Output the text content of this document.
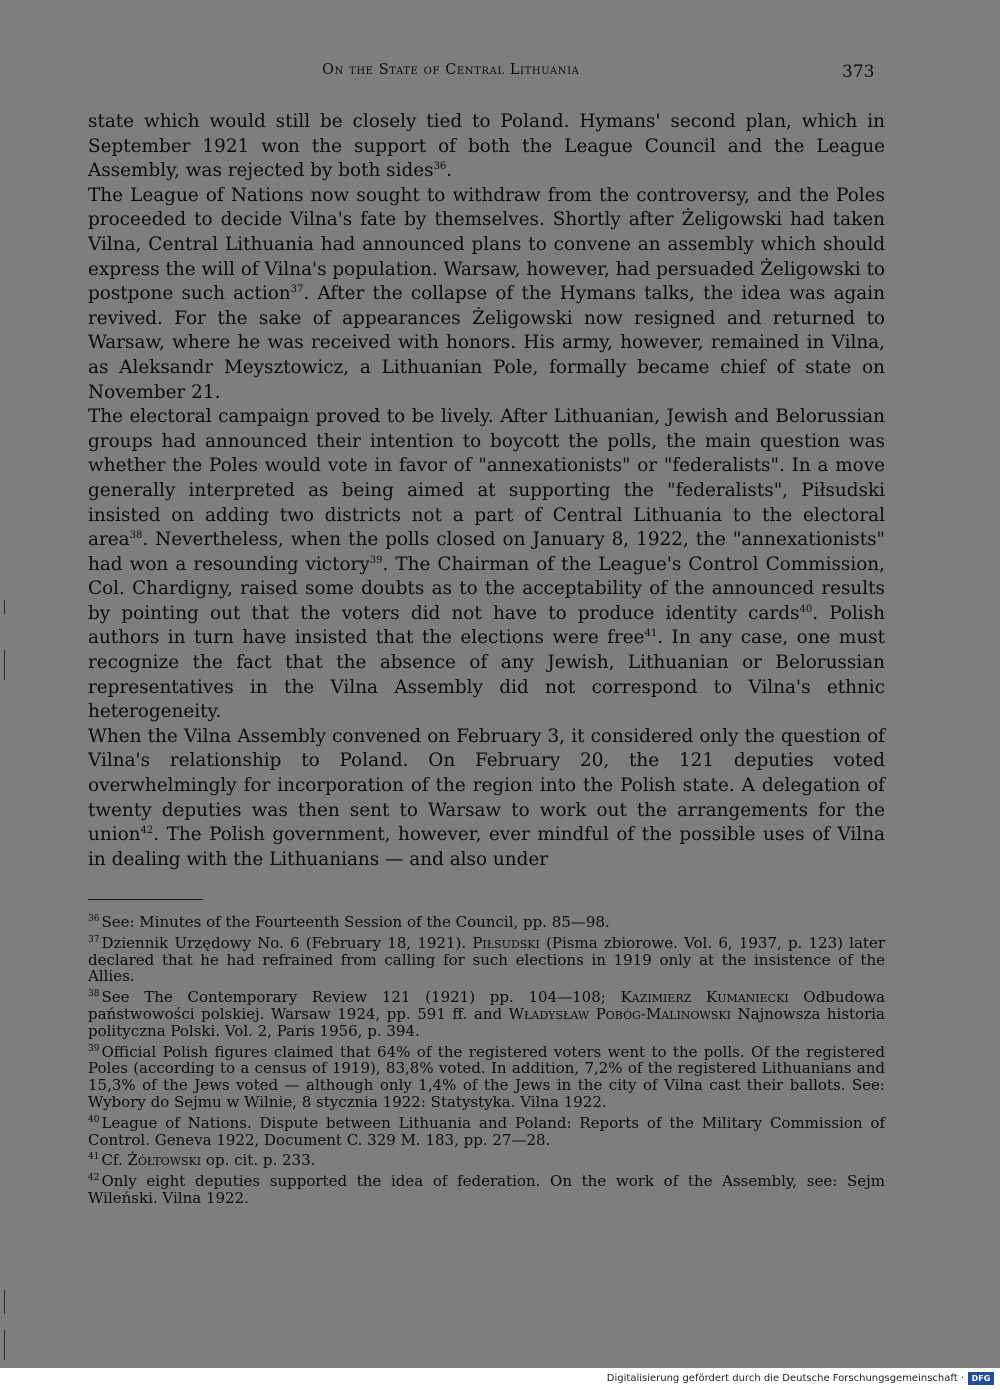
On the State of Central Lithuania	373

state which would still be closely tied to Poland. Hymans' second plan, which in September 1921 won the support of both the League Council and the League Assembly, was rejected by both sides$^{36}$.

The League of Nations now sought to withdraw from the controversy, and the Poles proceeded to decide Vilna's fate by themselves. Shortly after Żeligowski had taken Vilna, Central Lithuania had announced plans to convene an assembly which should express the will of Vilna's population. Warsaw, however, had persuaded Żeligowski to postpone such action$^{37}$. After the collapse of the Hymans talks, the idea was again revived. For the sake of appearances Żeligowski now resigned and returned to Warsaw, where he was received with honors. His army, however, remained in Vilna, as Aleksandr Meysztowicz, a Lithuanian Pole, formally became chief of state on November 21.

The electoral campaign proved to be lively. After Lithuanian, Jewish and Belorussian groups had announced their intention to boycott the polls, the main question was whether the Poles would vote in favor of "annexationists" or "federalists". In a move generally interpreted as being aimed at supporting the "federalists", Piłsudski insisted on adding two districts not a part of Central Lithuania to the electoral area$^{38}$. Nevertheless, when the polls closed on January 8, 1922, the "annexationists" had won a resounding victory$^{39}$. The Chairman of the League's Control Commission, Col. Chardigny, raised some doubts as to the acceptability of the announced results by pointing out that the voters did not have to produce identity cards$^{40}$. Polish authors in turn have insisted that the elections were free$^{41}$. In any case, one must recognize the fact that the absence of any Jewish, Lithuanian or Belorussian representatives in the Vilna Assembly did not correspond to Vilna's ethnic heterogeneity.

When the Vilna Assembly convened on February 3, it considered only the question of Vilna's relationship to Poland. On February 20, the 121 deputies voted overwhelmingly for incorporation of the region into the Polish state. A delegation of twenty deputies was then sent to Warsaw to work out the arrangements for the union$^{42}$. The Polish government, however, ever mindful of the possible uses of Vilna in dealing with the Lithuanians — and also under

$^{36}$ See: Minutes of the Fourteenth Session of the Council, pp. 85—98.

$^{37}$ Dziennik Urzędowy No. 6 (February 18, 1921). Piłsudski (Pisma zbiorowe. Vol. 6, 1937, p. 123) later declared that he had refrained from calling for such elections in 1919 only at the insistence of the Allies.

$^{38}$ See The Contemporary Review 121 (1921) pp. 104—108; Kazimierz Kumaniecki Odbudowa państwowości polskiej. Warsaw 1924, pp. 591 ff. and Władysław Pobóg-Malinowski Najnowsza historia polityczna Polski. Vol. 2, Paris 1956, p. 394.

$^{39}$ Official Polish figures claimed that 64% of the registered voters went to the polls. Of the registered Poles (according to a census of 1919), 83,8% voted. In addition, 7,2% of the registered Lithuanians and 15,3% of the Jews voted — although only 1,4% of the Jews in the city of Vilna cast their ballots. See: Wybory do Sejmu w Wilnie, 8 stycznia 1922: Statystyka. Vilna 1922.

$^{40}$ League of Nations. Dispute between Lithuania and Poland: Reports of the Military Commission of Control. Geneva 1922, Document C. 329 M. 183, pp. 27—28.

$^{41}$ Cf. Żółtowski op. cit. p. 233.

$^{42}$ Only eight deputies supported the idea of federation. On the work of the Assembly, see: Sejm Wileński. Vilna 1922.

Digitalisierung gefördert durch die Deutsche Forschungsgemeinschaft · DFG
